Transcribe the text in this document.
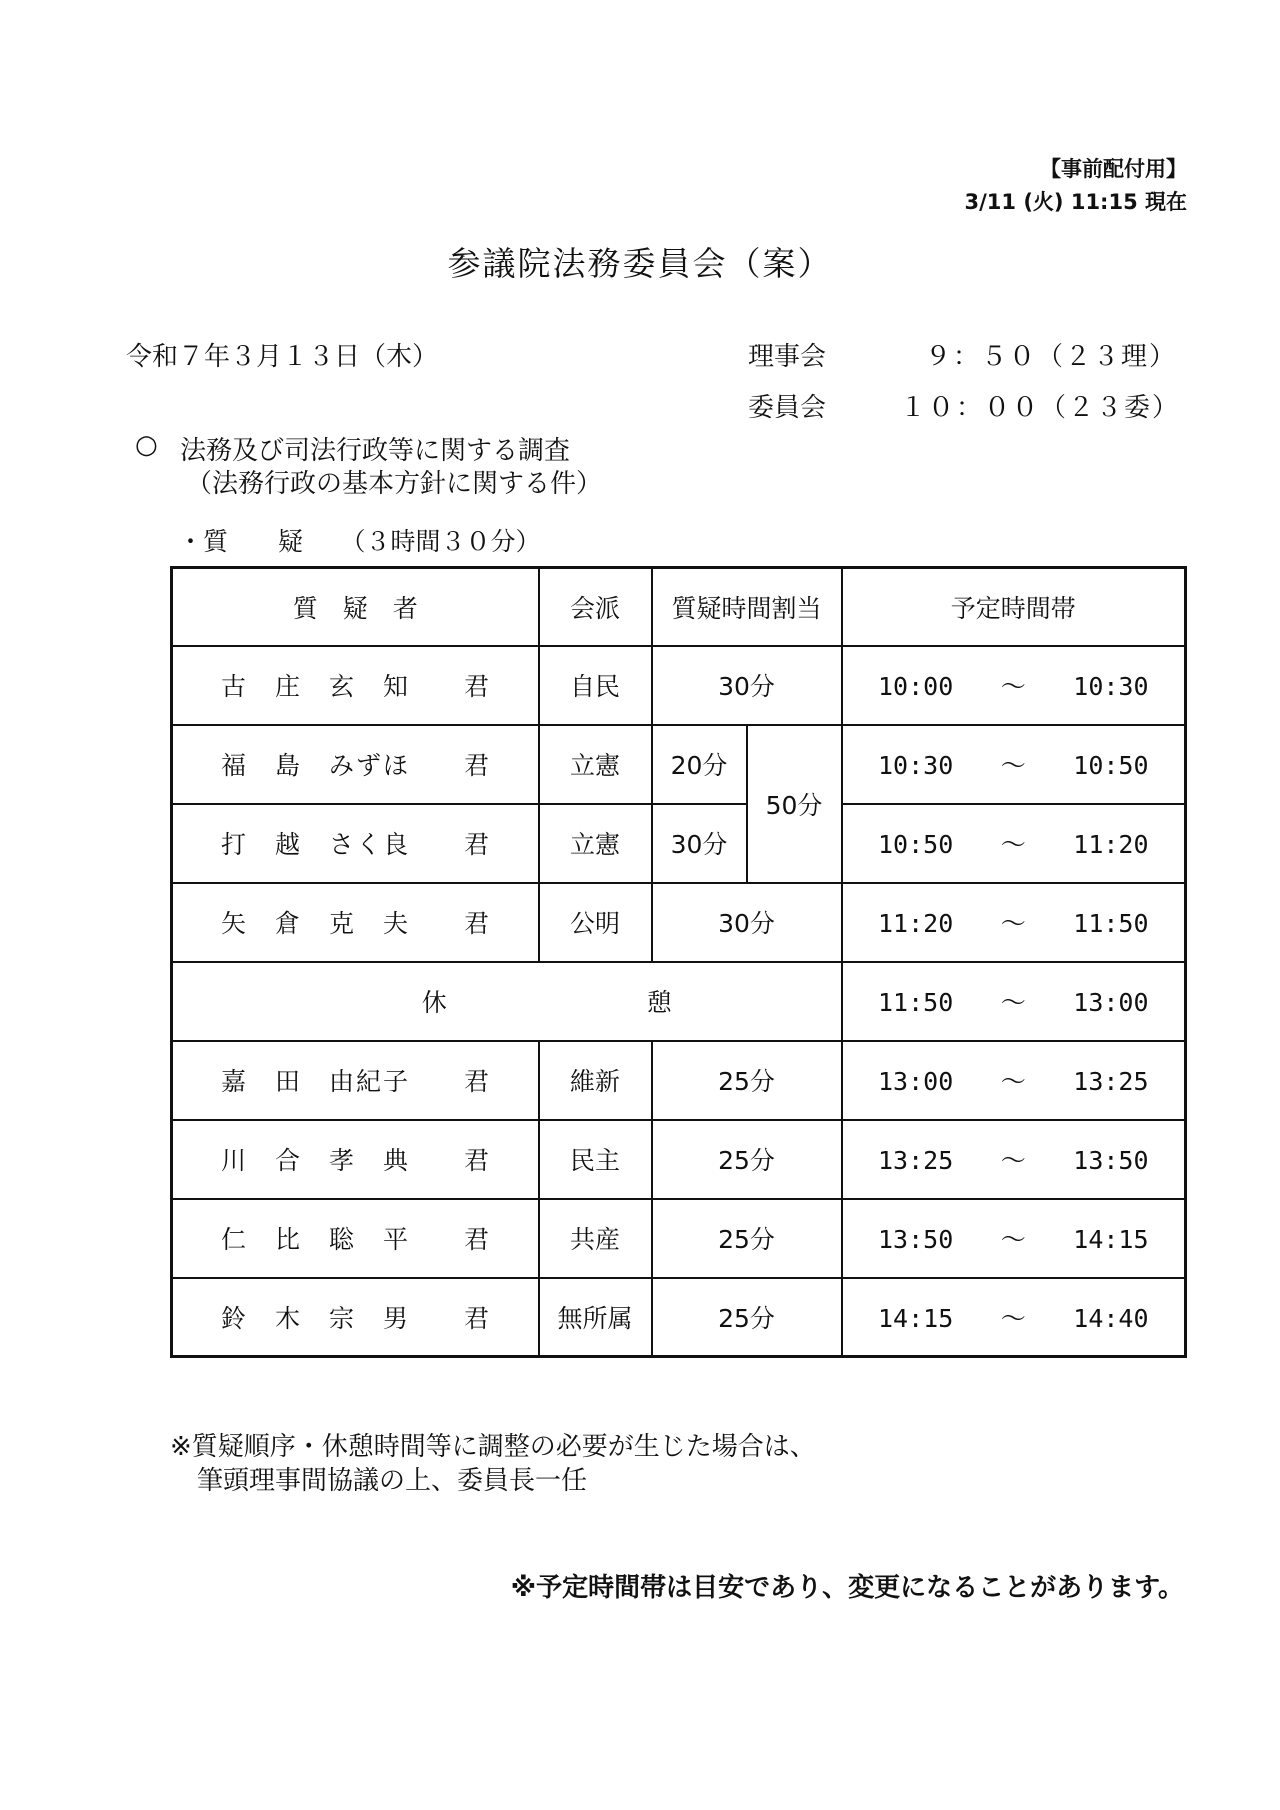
【事前配付用】
3/11 (火) 11:15 現在
参議院法務委員会（案）
令和７年３月１３日（木）	理事会	９：５０（２３理）
委員会	１０：００（２３委）
○ 法務及び司法行政等に関する調査
（法務行政の基本方針に関する件）
・質　　疑　　（３時間３０分）
質　疑　者	会派	質疑時間割当		予定時間帯
古　庄　玄　知　　君	自民	30分		10:00 〜 10:30
福　島　みずほ　　君	立憲	20分	50分	10:30 〜 10:50
打　越　さく良　　君	立憲	30分		10:50 〜 11:20
矢　倉　克　夫　　君	公明	30分		11:20 〜 11:50
休 憩				11:50 〜 13:00
嘉　田　由紀子　　君	維新	25分		13:00 〜 13:25
川　合　孝　典　　君	民主	25分		13:25 〜 13:50
仁　比　聡　平　　君	共産	25分		13:50 〜 14:15
鈴　木　宗　男　　君	無所属	25分		14:15 〜 14:40
※質疑順序・休憩時間等に調整の必要が生じた場合は、
筆頭理事間協議の上、委員長一任
※予定時間帯は目安であり、変更になることがあります。
